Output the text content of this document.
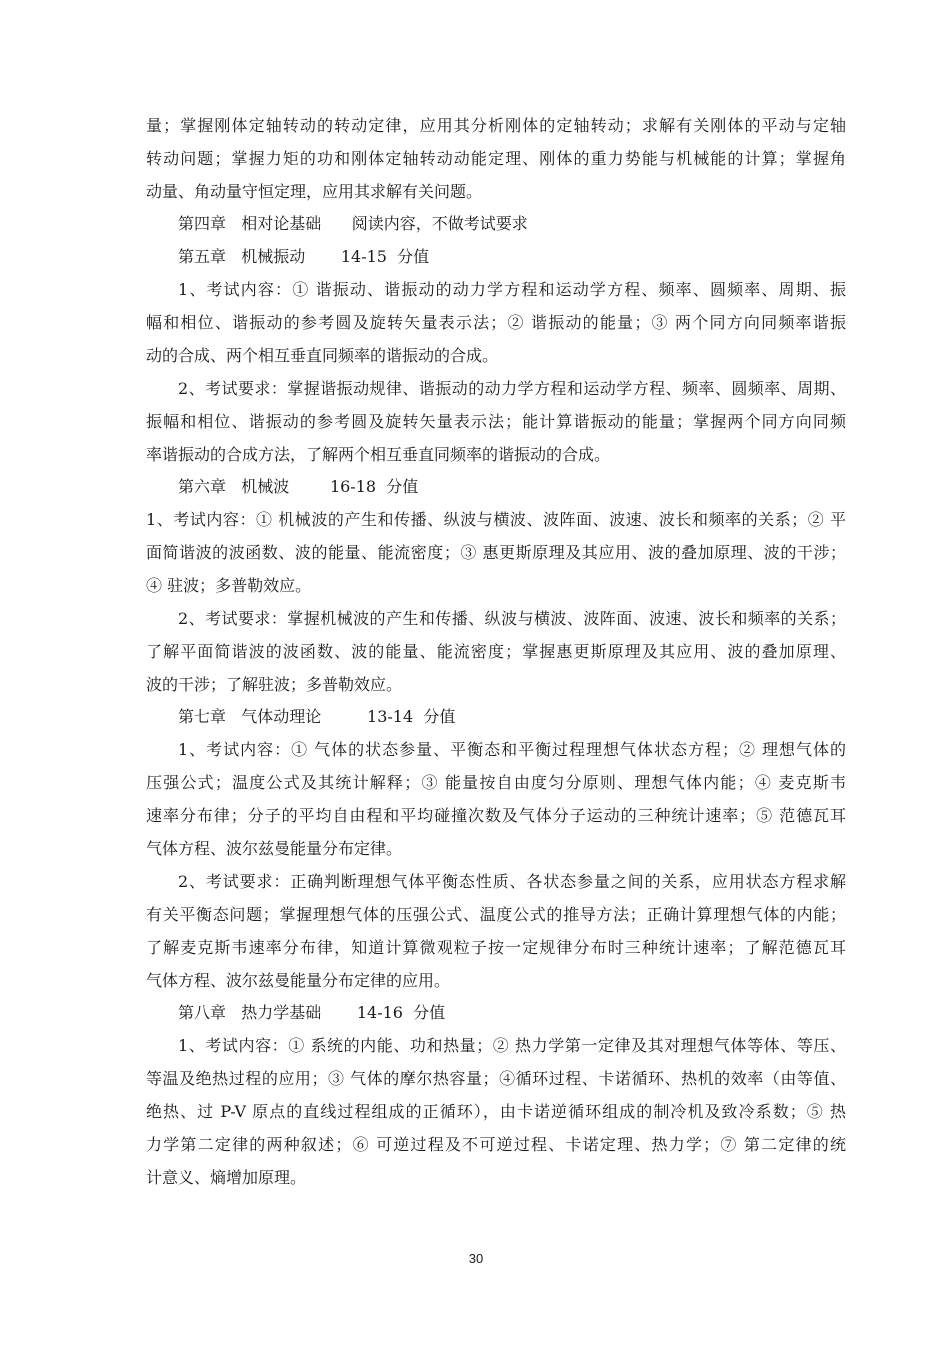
量；掌握刚体定轴转动的转动定律，应用其分析刚体的定轴转动；求解有关刚体的平动与定轴
转动问题；掌握力矩的功和刚体定轴转动动能定理、刚体的重力势能与机械能的计算；掌握角
动量、角动量守恒定理，应用其求解有关问题。
第四章   相对论基础      阅读内容，不做考试要求
第五章   机械振动       14-15  分值
1、考试内容：① 谐振动、谐振动的动力学方程和运动学方程、频率、圆频率、周期、振
幅和相位、谐振动的参考圆及旋转矢量表示法；② 谐振动的能量；③ 两个同方向同频率谐振
动的合成、两个相互垂直同频率的谐振动的合成。
2、考试要求：掌握谐振动规律、谐振动的动力学方程和运动学方程、频率、圆频率、周期、
振幅和相位、谐振动的参考圆及旋转矢量表示法；能计算谐振动的能量；掌握两个同方向同频
率谐振动的合成方法，了解两个相互垂直同频率的谐振动的合成。
第六章   机械波        16-18  分值
1、考试内容：① 机械波的产生和传播、纵波与横波、波阵面、波速、波长和频率的关系；② 平
面简谐波的波函数、波的能量、能流密度；③ 惠更斯原理及其应用、波的叠加原理、波的干涉；
④ 驻波；多普勒效应。
2、考试要求：掌握机械波的产生和传播、纵波与横波、波阵面、波速、波长和频率的关系；
了解平面简谐波的波函数、波的能量、能流密度；掌握惠更斯原理及其应用、波的叠加原理、
波的干涉；了解驻波；多普勒效应。
第七章   气体动理论         13-14  分值
1、考试内容：① 气体的状态参量、平衡态和平衡过程理想气体状态方程；② 理想气体的
压强公式；温度公式及其统计解释；③ 能量按自由度匀分原则、理想气体内能；④ 麦克斯韦
速率分布律；分子的平均自由程和平均碰撞次数及气体分子运动的三种统计速率；⑤ 范德瓦耳
气体方程、波尔兹曼能量分布定律。
2、考试要求：正确判断理想气体平衡态性质、各状态参量之间的关系，应用状态方程求解
有关平衡态问题；掌握理想气体的压强公式、温度公式的推导方法；正确计算理想气体的内能；
了解麦克斯韦速率分布律，知道计算微观粒子按一定规律分布时三种统计速率；了解范德瓦耳
气体方程、波尔兹曼能量分布定律的应用。
第八章   热力学基础       14-16  分值
1、考试内容：① 系统的内能、功和热量；② 热力学第一定律及其对理想气体等体、等压、
等温及绝热过程的应用；③ 气体的摩尔热容量；④循环过程、卡诺循环、热机的效率（由等值、
绝热、过 P-V 原点的直线过程组成的正循环），由卡诺逆循环组成的制冷机及致冷系数；⑤ 热
力学第二定律的两种叙述；⑥ 可逆过程及不可逆过程、卡诺定理、热力学；⑦ 第二定律的统
计意义、熵增加原理。
30
